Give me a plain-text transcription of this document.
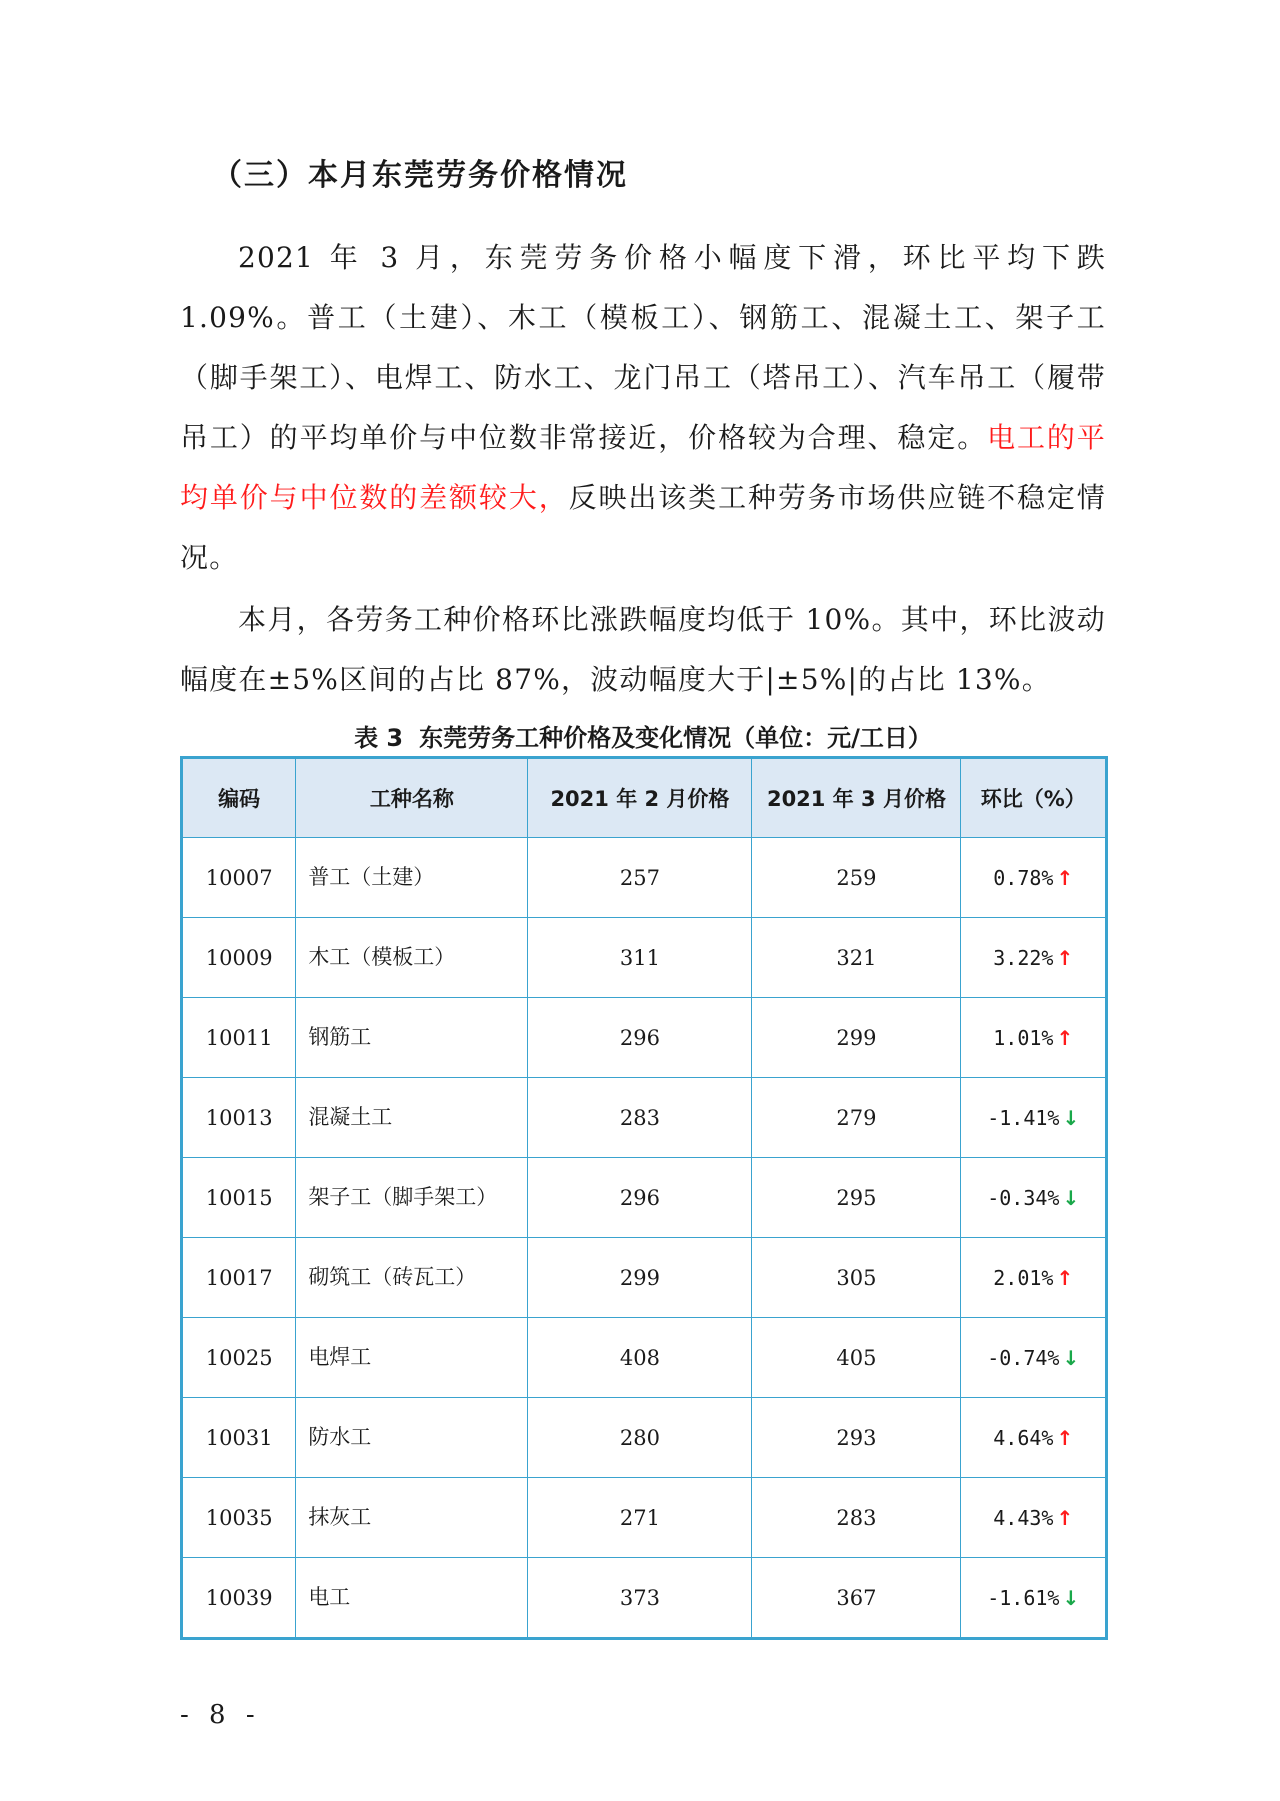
（三）本月东莞劳务价格情况

2021 年 3 月，东莞劳务价格小幅度下滑，环比平均下跌 1.09%。普工（土建）、木工（模板工）、钢筋工、混凝土工、架子工（脚手架工）、电焊工、防水工、龙门吊工（塔吊工）、汽车吊工（履带吊工）的平均单价与中位数非常接近，价格较为合理、稳定。电工的平均单价与中位数的差额较大，反映出该类工种劳务市场供应链不稳定情况。

本月，各劳务工种价格环比涨跌幅度均低于 10%。其中，环比波动幅度在±5%区间的占比 87%，波动幅度大于|±5%|的占比 13%。

表 3 东莞劳务工种价格及变化情况（单位：元/工日）
编码	工种名称	2021 年 2 月价格	2021 年 3 月价格	环比（%）
10007	普工（土建）	257	259	0.78% ↑
10009	木工（模板工）	311	321	3.22% ↑
10011	钢筋工	296	299	1.01% ↑
10013	混凝土工	283	279	-1.41% ↓
10015	架子工（脚手架工）	296	295	-0.34% ↓
10017	砌筑工（砖瓦工）	299	305	2.01% ↑
10025	电焊工	408	405	-0.74% ↓
10031	防水工	280	293	4.64% ↑
10035	抹灰工	271	283	4.43% ↑
10039	电工	373	367	-1.61% ↓
- 8 -
